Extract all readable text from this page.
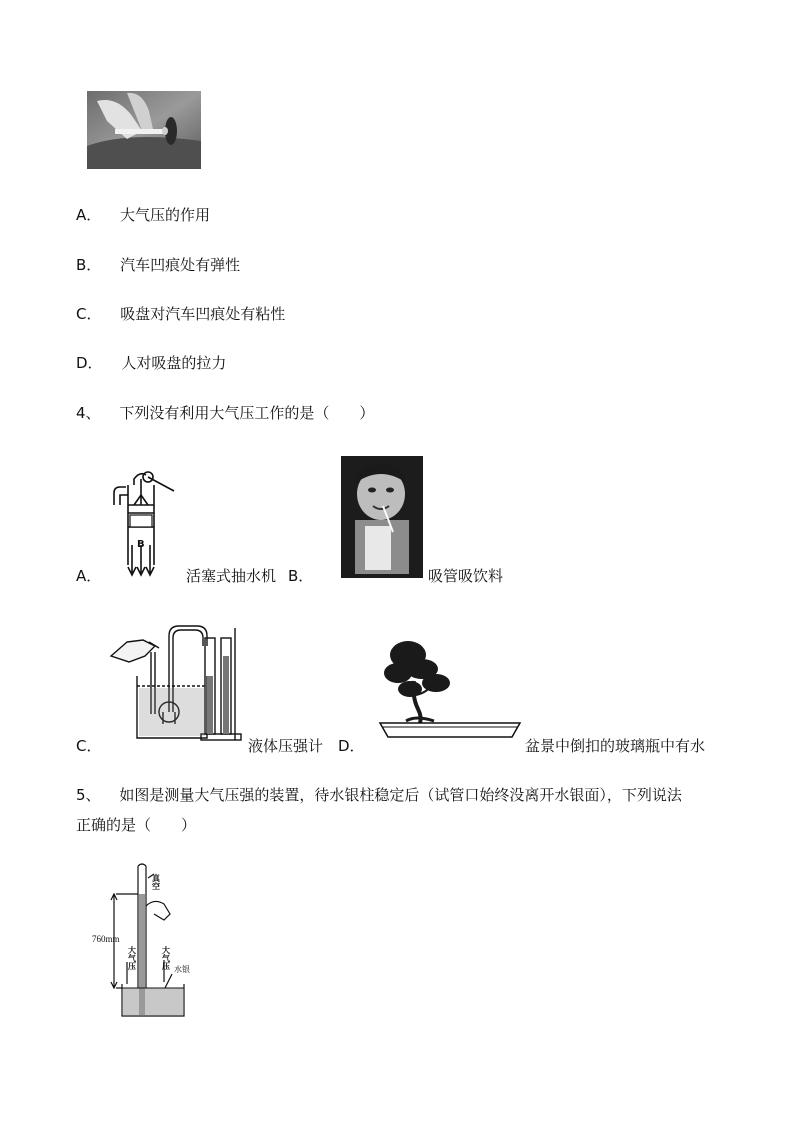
A． 大气压的作用
B． 汽车凹痕处有弹性
C． 吸盘对汽车凹痕处有粘性
D． 人对吸盘的拉力
4、 下列没有利用大气压工作的是（　　）
B
A．	活塞式抽水机 B．	吸管吸饮料
C．	液体压强计 D．	盆景中倒扣的玻璃瓶中有水
5、 如图是测量大气压强的装置，待水银柱稳定后（试管口始终没离开水银面），下列说法
正确的是（　　）
真空
760mm
大气压	大气压 水银
